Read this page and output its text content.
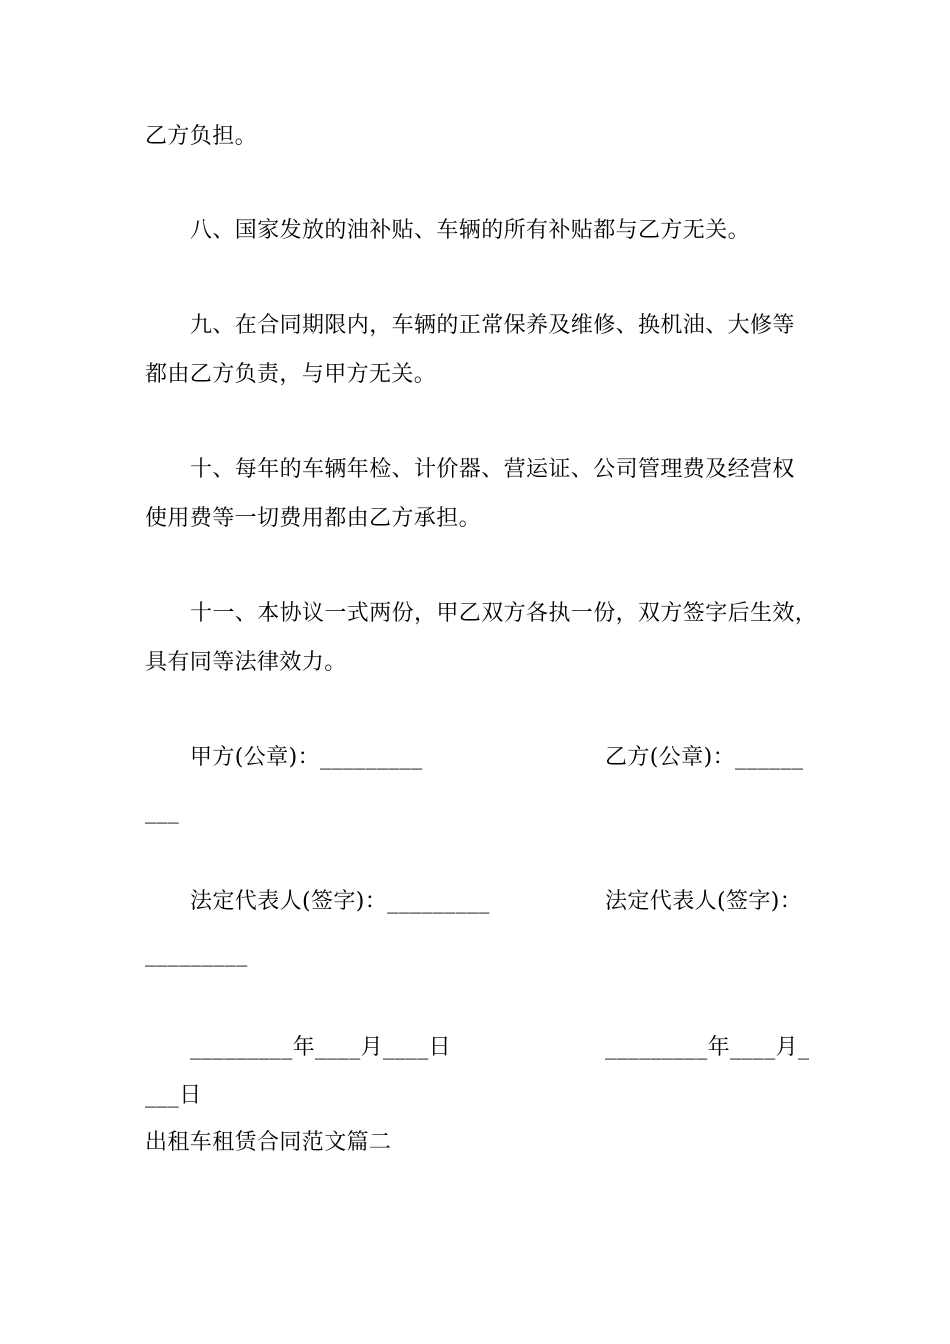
乙方负担。
八、国家发放的油补贴、车辆的所有补贴都与乙方无关。
九、在合同期限内，车辆的正常保养及维修、换机油、大修等
都由乙方负责，与甲方无关。
十、每年的车辆年检、计价器、营运证、公司管理费及经营权
使用费等一切费用都由乙方承担。
十一、本协议一式两份，甲乙双方各执一份，双方签字后生效，
具有同等法律效力。
甲方(公章)：_________	乙方(公章)：______
___
法定代表人(签字)：_________	法定代表人(签字)：
_________
_________年____月____日	_________年____月_
___日
出租车租赁合同范文篇二
